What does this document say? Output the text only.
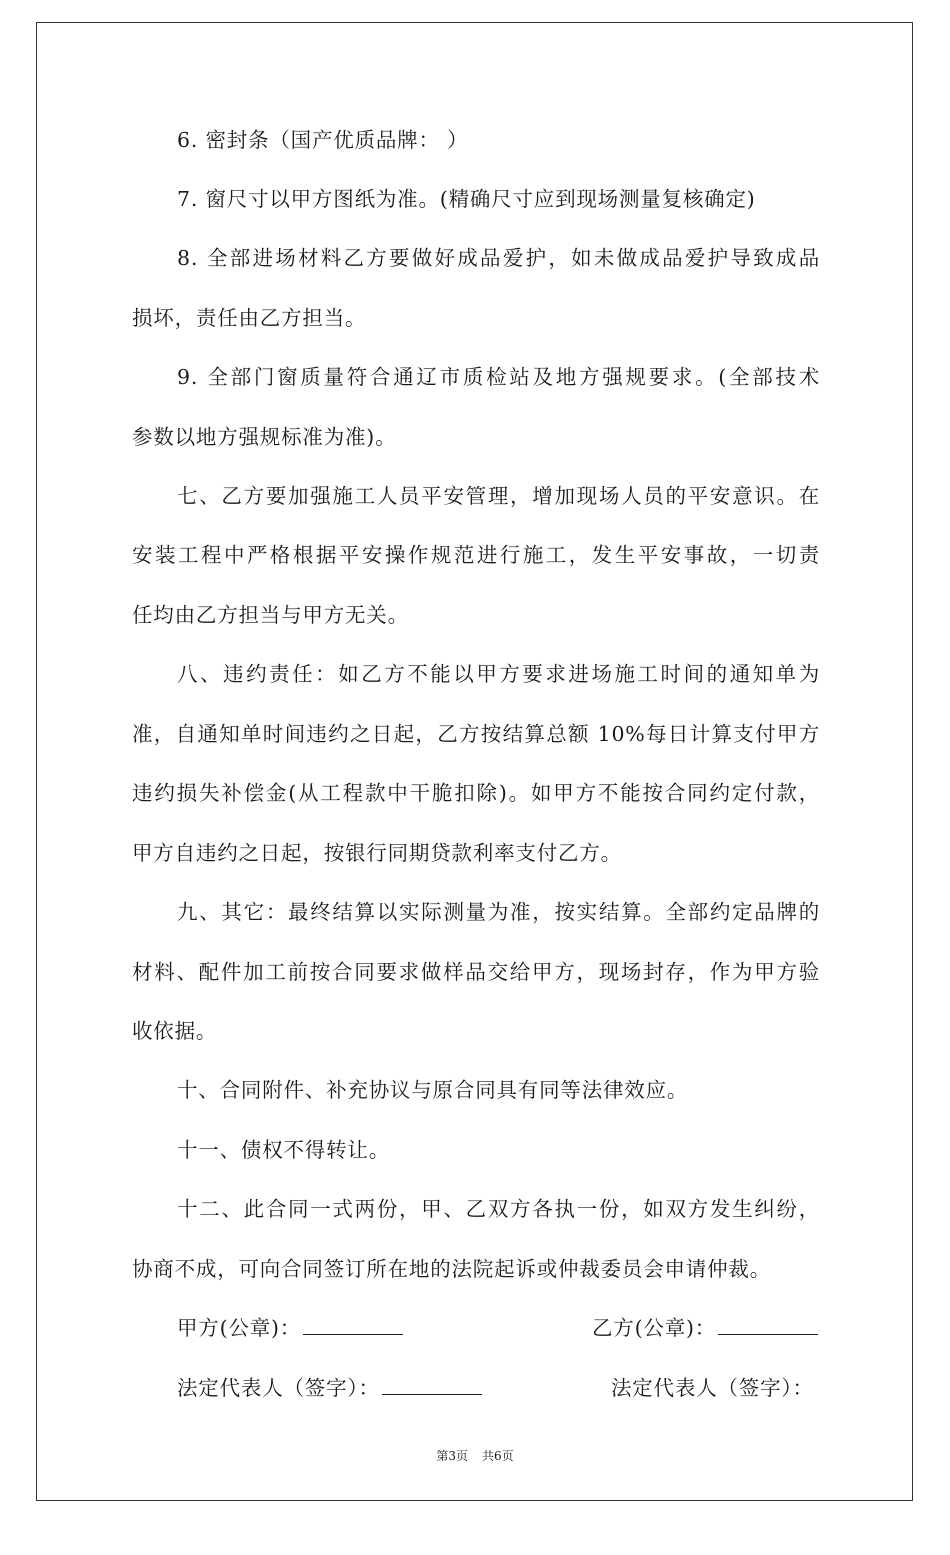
6. 密封条（国产优质品牌： ）
7. 窗尺寸以甲方图纸为准。(精确尺寸应到现场测量复核确定)
8. 全部进场材料乙方要做好成品爱护，如未做成品爱护导致成品
损坏，责任由乙方担当。
9. 全部门窗质量符合通辽市质检站及地方强规要求。(全部技术
参数以地方强规标准为准)。
七、乙方要加强施工人员平安管理，增加现场人员的平安意识。在
安装工程中严格根据平安操作规范进行施工，发生平安事故，一切责
任均由乙方担当与甲方无关。
八、违约责任：如乙方不能以甲方要求进场施工时间的通知单为
准，自通知单时间违约之日起，乙方按结算总额 10%每日计算支付甲方
违约损失补偿金(从工程款中干脆扣除)。如甲方不能按合同约定付款，
甲方自违约之日起，按银行同期贷款利率支付乙方。
九、其它：最终结算以实际测量为准，按实结算。全部约定品牌的
材料、配件加工前按合同要求做样品交给甲方，现场封存，作为甲方验
收依据。
十、合同附件、补充协议与原合同具有同等法律效应。
十一、债权不得转让。
十二、此合同一式两份，甲、乙双方各执一份，如双方发生纠纷，
协商不成，可向合同签订所在地的法院起诉或仲裁委员会申请仲裁。
甲方(公章)：	乙方(公章)：
法定代表人（签字）：	法定代表人（签字）：
第3页 共6页
